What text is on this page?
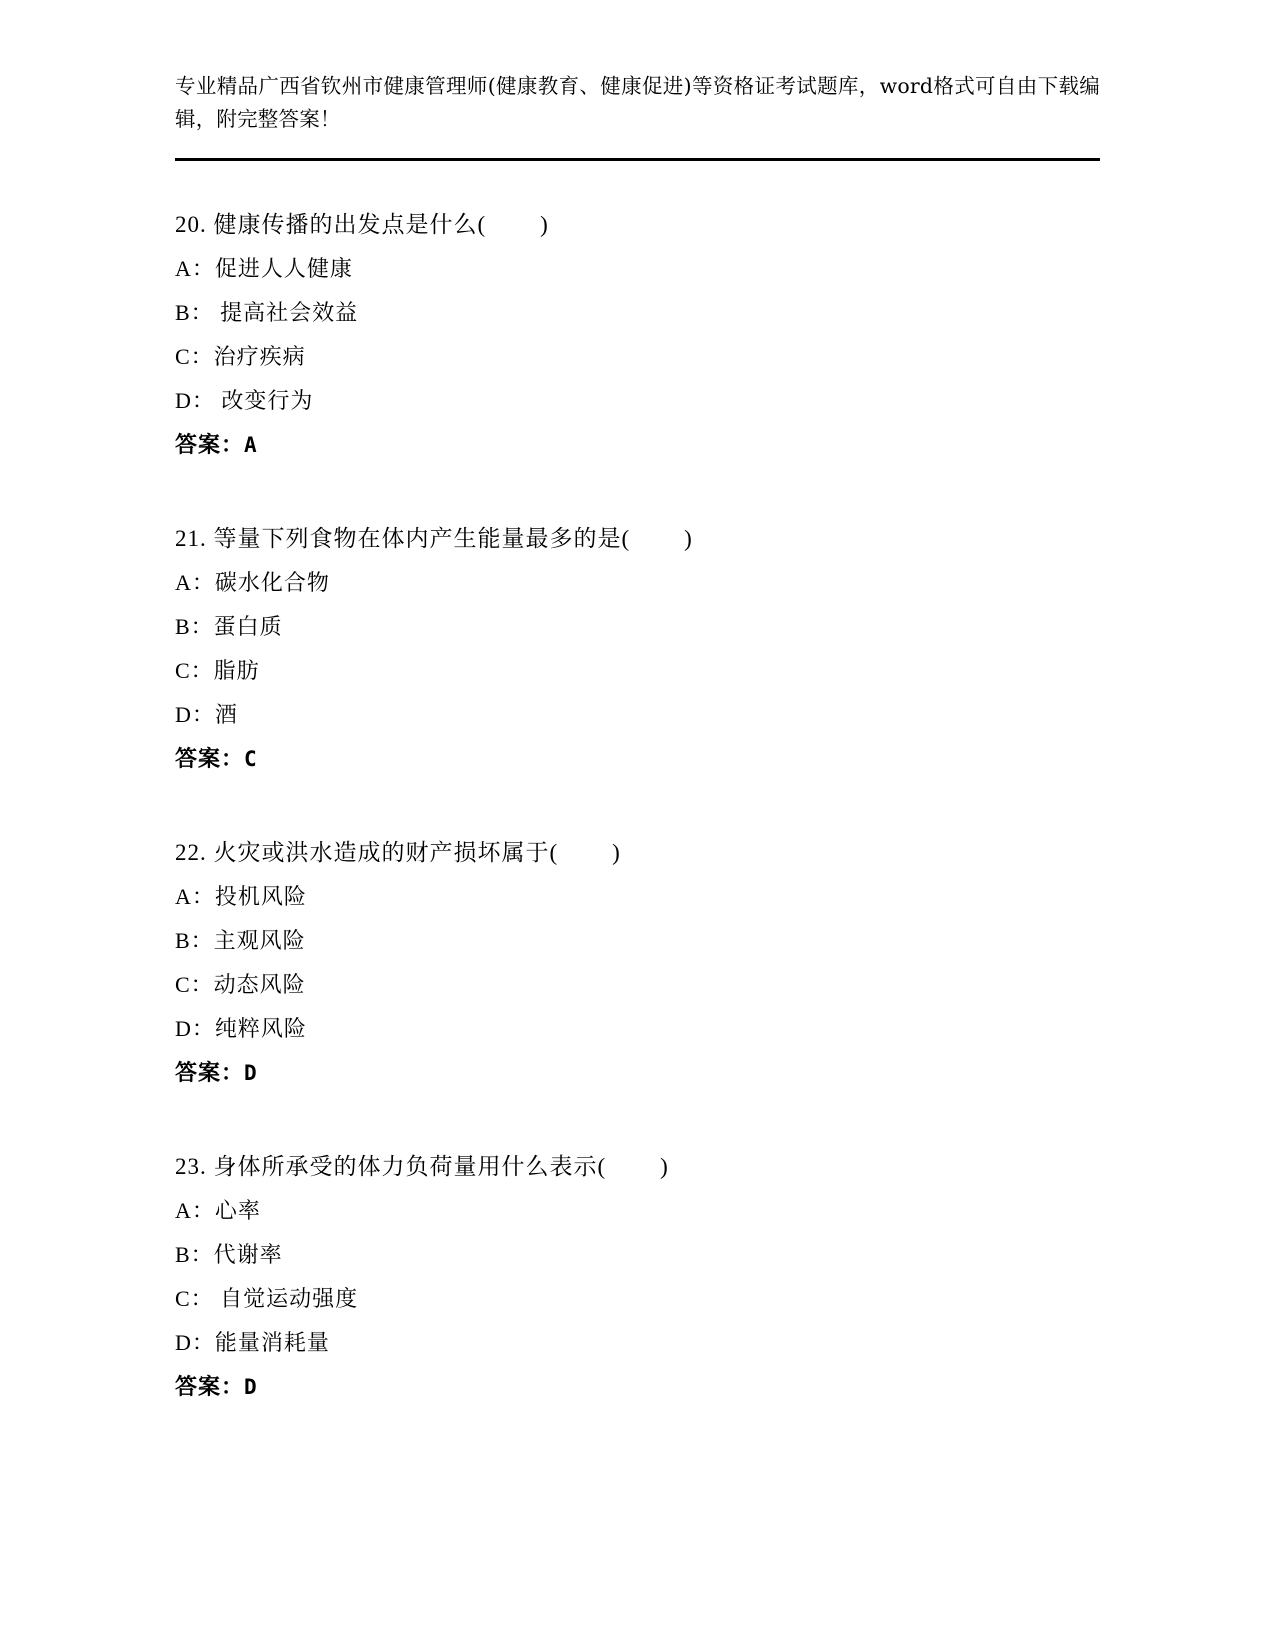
专业精品广西省钦州市健康管理师(健康教育、健康促进)等资格证考试题库，word格式可自由下载编辑，附完整答案！
20. 健康传播的出发点是什么(        )
A：促进人人健康
B： 提高社会效益
C：治疗疾病
D： 改变行为
答案：A
21. 等量下列食物在体内产生能量最多的是(        )
A：碳水化合物
B：蛋白质
C：脂肪
D：酒
答案：C
22. 火灾或洪水造成的财产损坏属于(        )
A：投机风险
B：主观风险
C：动态风险
D：纯粹风险
答案：D
23. 身体所承受的体力负荷量用什么表示(        )
A：心率
B：代谢率
C： 自觉运动强度
D：能量消耗量
答案：D
